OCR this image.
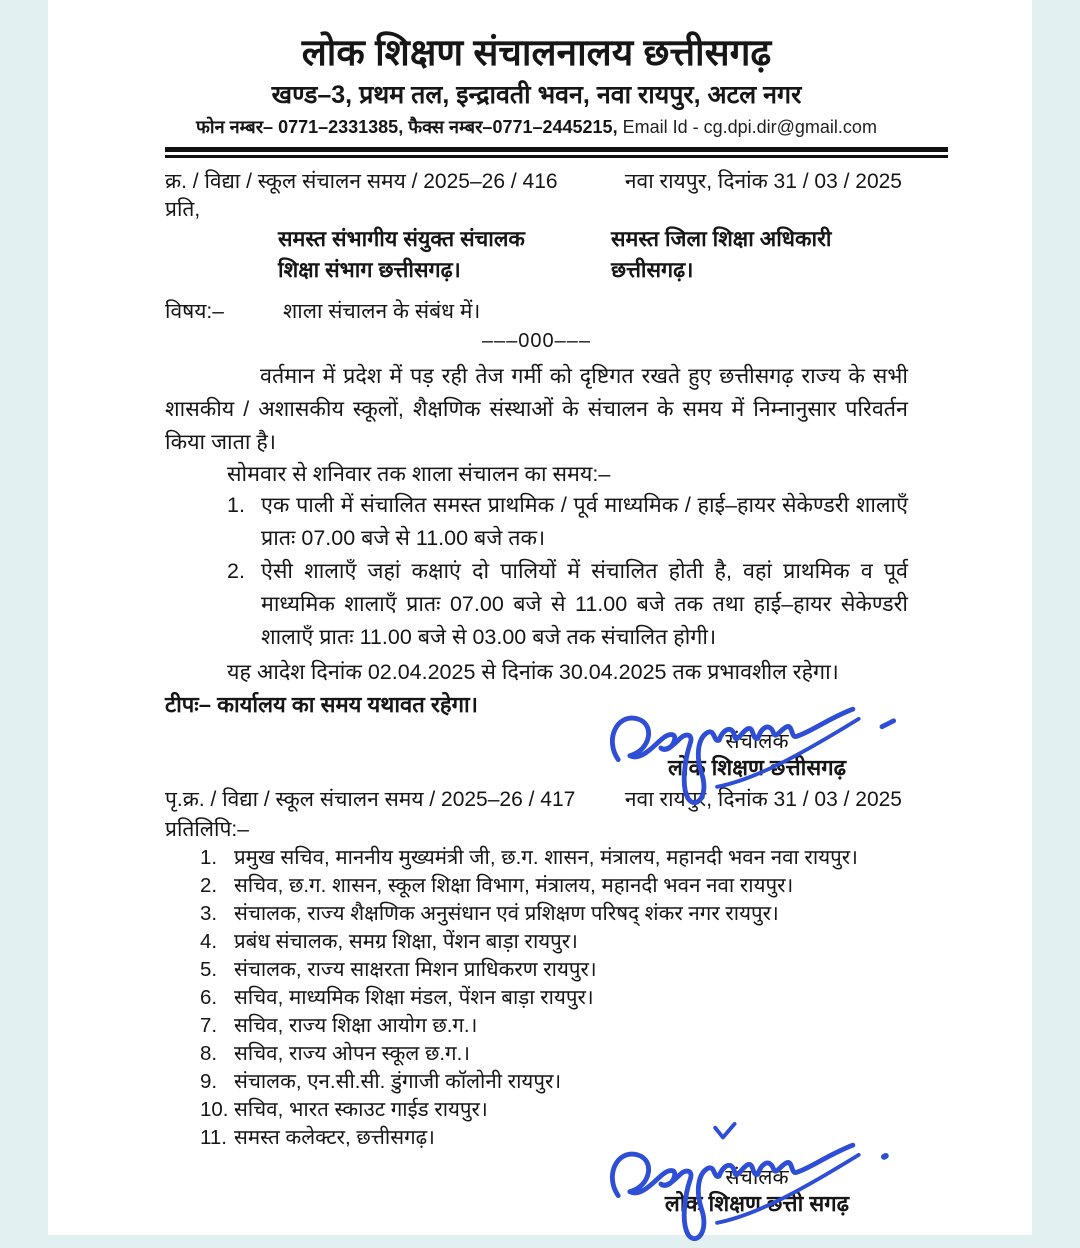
लोक शिक्षण संचालनालय छत्तीसगढ़
खण्ड–3, प्रथम तल, इन्द्रावती भवन, नवा रायपुर, अटल नगर
फोन नम्बर– 0771–2331385, फैक्स नम्बर–0771–2445215, Email Id - cg.dpi.dir@gmail.com
क्र. / विद्या / स्कूल संचालन समय / 2025–26 / 416	नवा रायपुर, दिनांक 31 / 03 / 2025
प्रति,
समस्त संभागीय संयुक्त संचालक
शिक्षा संभाग छत्तीसगढ़।
समस्त जिला शिक्षा अधिकारी
छत्तीसगढ़।
विषय:–	शाला संचालन के संबंध में।
–––000–––

वर्तमान में प्रदेश में पड़ रही तेज गर्मी को दृष्टिगत रखते हुए छत्तीसगढ़ राज्य के सभी शासकीय / अशासकीय स्कूलों, शैक्षणिक संस्थाओं के संचालन के समय में निम्नानुसार परिवर्तन किया जाता है।

सोमवार से शनिवार तक शाला संचालन का समय:–
1. एक पाली में संचालित समस्त प्राथमिक / पूर्व माध्यमिक / हाई–हायर सेकेण्डरी शालाएँ प्रातः 07.00 बजे से 11.00 बजे तक।
2. ऐसी शालाएँ जहां कक्षाएं दो पालियों में संचालित होती है, वहां प्राथमिक व पूर्व माध्यमिक शालाएँ प्रातः 07.00 बजे से 11.00 बजे तक तथा हाई–हायर सेकेण्डरी शालाएँ प्रातः 11.00 बजे से 03.00 बजे तक संचालित होगी।
यह आदेश दिनांक 02.04.2025 से दिनांक 30.04.2025 तक प्रभावशील रहेगा।
टीपः– कार्यालय का समय यथावत रहेगा।
संचालक
लोक शिक्षण छत्तीसगढ़
पृ.क्र. / विद्या / स्कूल संचालन समय / 2025–26 / 417 नवा रायपुर, दिनांक 31 / 03 / 2025
प्रतिलिपि:–
1. प्रमुख सचिव, माननीय मुख्यमंत्री जी, छ.ग. शासन, मंत्रालय, महानदी भवन नवा रायपुर।
2. सचिव, छ.ग. शासन, स्कूल शिक्षा विभाग, मंत्रालय, महानदी भवन नवा रायपुर।
3. संचालक, राज्य शैक्षणिक अनुसंधान एवं प्रशिक्षण परिषद् शंकर नगर रायपुर।
4. प्रबंध संचालक, समग्र शिक्षा, पेंशन बाड़ा रायपुर।
5. संचालक, राज्य साक्षरता मिशन प्राधिकरण रायपुर।
6. सचिव, माध्यमिक शिक्षा मंडल, पेंशन बाड़ा रायपुर।
7. सचिव, राज्य शिक्षा आयोग छ.ग.।
8. सचिव, राज्य ओपन स्कूल छ.ग.।
9. संचालक, एन.सी.सी. डुंगाजी कॉलोनी रायपुर।
10. सचिव, भारत स्काउट गाईड रायपुर।
11. समस्त कलेक्टर, छत्तीसगढ़।
संचालक
लोक शिक्षण छत्ती सगढ़
